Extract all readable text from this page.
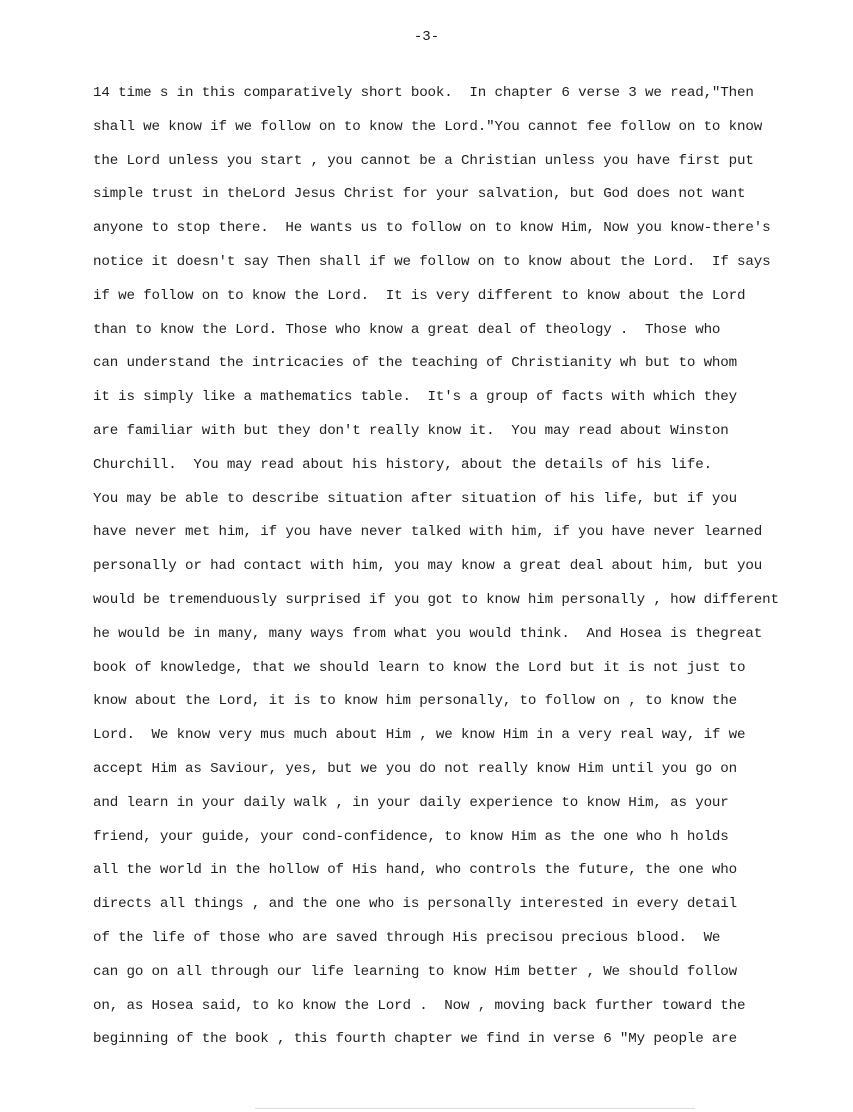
-3-
14 time s in this comparatively short book.  In chapter 6 verse 3 we read,"Then
shall we know if we follow on to know the Lord."You cannot fee follow on to know
the Lord unless you start , you cannot be a Christian unless you have first put
simple trust in theLord Jesus Christ for your salvation, but God does not want
anyone to stop there.  He wants us to follow on to know Him, Now you know-there's
notice it doesn't say Then shall if we follow on to know about the Lord.  If says
if we follow on to know the Lord.  It is very different to know about the Lord
than to know the Lord. Those who know a great deal of theology .  Those who
can understand the intricacies of the teaching of Christianity wh but to whom
it is simply like a mathematics table.  It's a group of facts with which they
are familiar with but they don't really know it.  You may read about Winston
Churchill.  You may read about his history, about the details of his life.
You may be able to describe situation after situation of his life, but if you
have never met him, if you have never talked with him, if you have never learned
personally or had contact with him, you may know a great deal about him, but you
would be tremenduously surprised if you got to know him personally , how different
he would be in many, many ways from what you would think.  And Hosea is thegreat
book of knowledge, that we should learn to know the Lord but it is not just to
know about the Lord, it is to know him personally, to follow on , to know the
Lord.  We know very mus much about Him , we know Him in a very real way, if we
accept Him as Saviour, yes, but we you do not really know Him until you go on
and learn in your daily walk , in your daily experience to know Him, as your
friend, your guide, your cond-confidence, to know Him as the one who h holds
all the world in the hollow of His hand, who controls the future, the one who
directs all things , and the one who is personally interested in every detail
of the life of those who are saved through His precisou precious blood.  We
can go on all through our life learning to know Him better , We should follow
on, as Hosea said, to ko know the Lord .  Now , moving back further toward the
beginning of the book , this fourth chapter we find in verse 6 "My people are
